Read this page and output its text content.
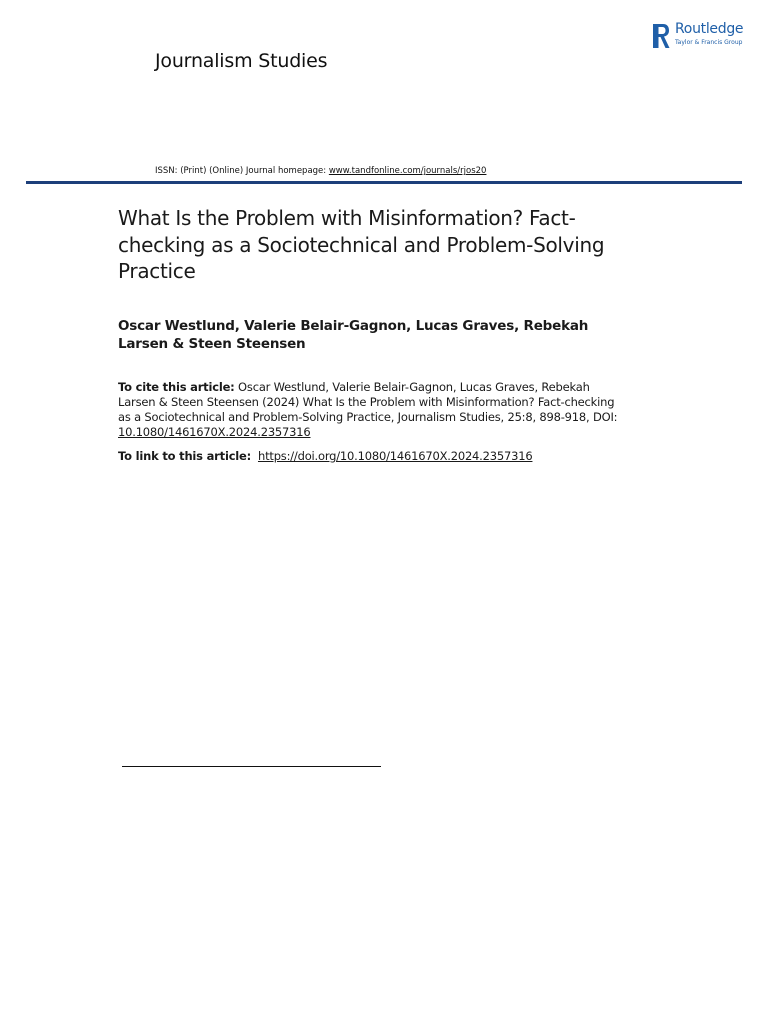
Journalism Studies
Routledge
Taylor & Francis Group
ISSN: (Print) (Online) Journal homepage: www.tandfonline.com/journals/rjos20
What Is the Problem with Misinformation? Fact-checking as a Sociotechnical and Problem-Solving Practice
Oscar Westlund, Valerie Belair-Gagnon, Lucas Graves, Rebekah Larsen & Steen Steensen
To cite this article: Oscar Westlund, Valerie Belair-Gagnon, Lucas Graves, Rebekah Larsen & Steen Steensen (2024) What Is the Problem with Misinformation? Fact-checking as a Sociotechnical and Problem-Solving Practice, Journalism Studies, 25:8, 898-918, DOI: 10.1080/1461670X.2024.2357316
To link to this article: https://doi.org/10.1080/1461670X.2024.2357316
